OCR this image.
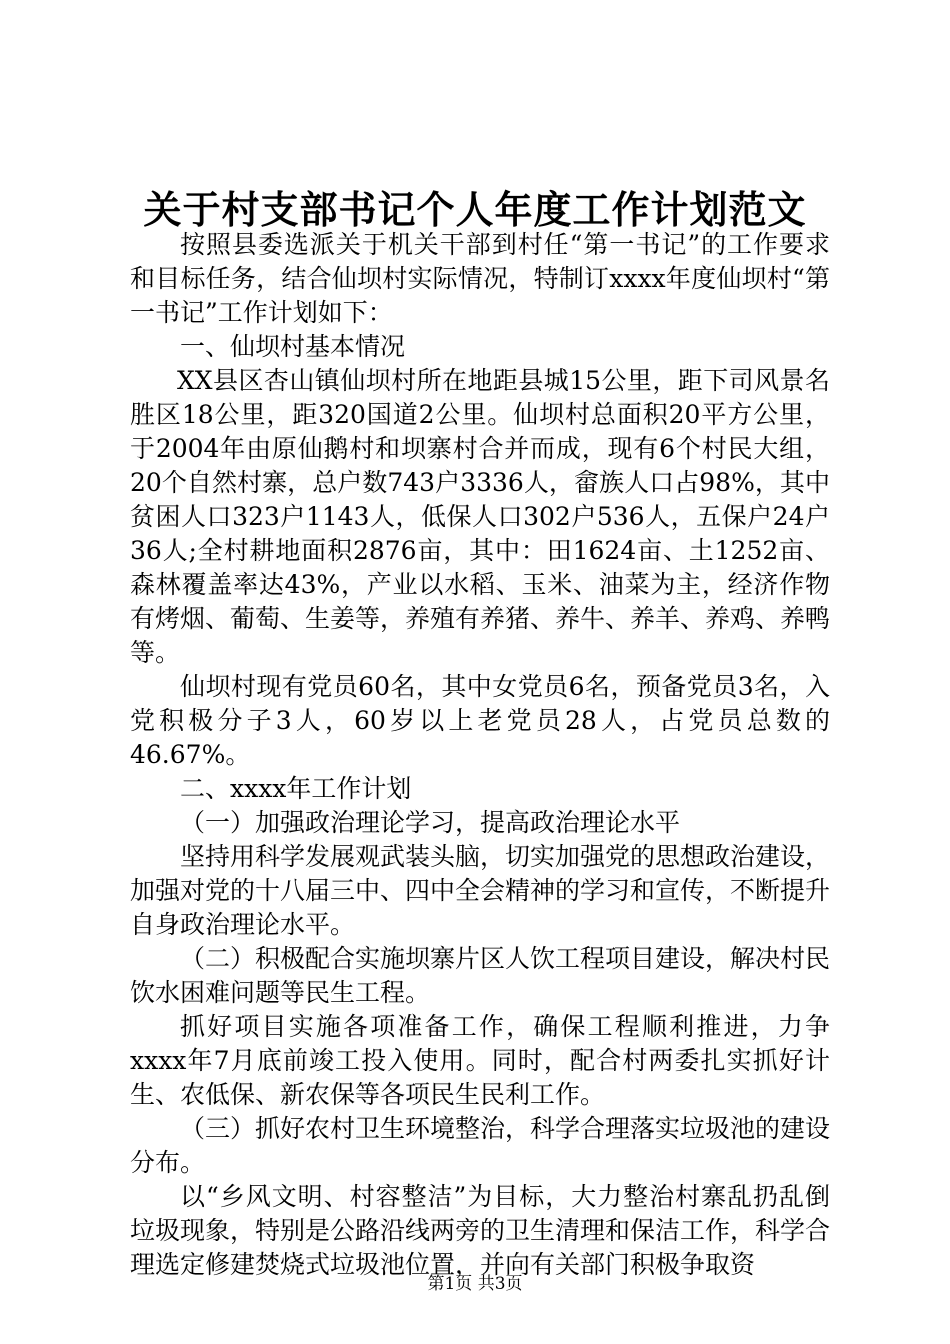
关于村支部书记个人年度工作计划范文

按照县委选派关于机关干部到村任“第一书记”的工作要求和目标任务，结合仙坝村实际情况，特制订xxxx年度仙坝村“第一书记”工作计划如下：

一、仙坝村基本情况

XX县区杏山镇仙坝村所在地距县城15公里，距下司风景名胜区18公里，距320国道2公里。仙坝村总面积20平方公里，于2004年由原仙鹅村和坝寨村合并而成，现有6个村民大组，20个自然村寨，总户数743户3336人，畲族人口占98%，其中贫困人口323户1143人，低保人口302户536人，五保户24户36人;全村耕地面积2876亩，其中：田1624亩、土1252亩、森林覆盖率达43%，产业以水稻、玉米、油菜为主，经济作物有烤烟、葡萄、生姜等，养殖有养猪、养牛、养羊、养鸡、养鸭等。

仙坝村现有党员60名，其中女党员6名，预备党员3名，入党积极分子3人，60岁以上老党员28人，占党员总数的46.67%。

二、xxxx年工作计划

（一）加强政治理论学习，提高政治理论水平

坚持用科学发展观武装头脑，切实加强党的思想政治建设，加强对党的十八届三中、四中全会精神的学习和宣传，不断提升自身政治理论水平。

（二）积极配合实施坝寨片区人饮工程项目建设，解决村民饮水困难问题等民生工程。

抓好项目实施各项准备工作，确保工程顺利推进，力争xxxx年7月底前竣工投入使用。同时，配合村两委扎实抓好计生、农低保、新农保等各项民生民利工作。

（三）抓好农村卫生环境整治，科学合理落实垃圾池的建设分布。

以“乡风文明、村容整洁”为目标，大力整治村寨乱扔乱倒垃圾现象，特别是公路沿线两旁的卫生清理和保洁工作，科学合理选定修建焚烧式垃圾池位置，并向有关部门积极争取资

第1页 共3页
